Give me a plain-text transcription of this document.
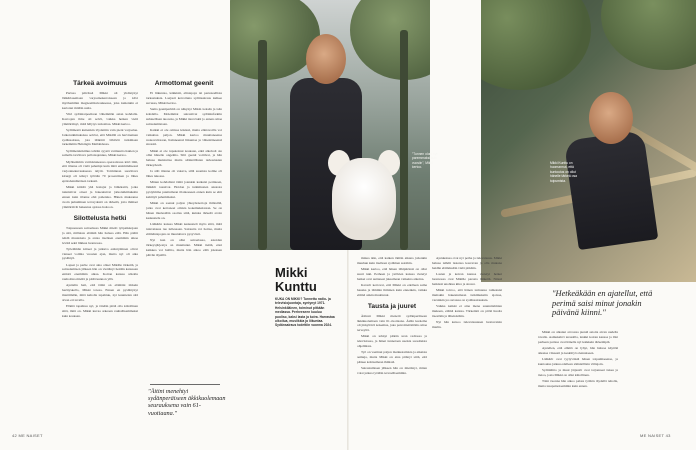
Tärkeä avoimuus

Parissa päivässä Mikki oli yhdistynyt lääkäriasemaan varjoainekerrokseen ja kävi myöhemmin magneettikuvauksessa, joka kuitenkin ei kertonut mitään uutta.

Viiri sydäntarpeeltaan vähemmän asian kohdalla. Kasvojen ilme oli selvä, vaikka hetken vielä ymmärtänyt, mitä hälytys tarkoittaa. Mikki kertoo.

Sydämestä kuitenkin löydettiin vain pieni varjoalue. Jatkotutkimuksissa selvisi, että Mikillä on harvinainen sydänsairaus, jota lääkärit lähtivät tutkimaan tarkemmin Helsingin Meilahdessa.

Sydämentutkimus tehtiin syystä varmuutta hakien ja samalla tarvittava pallolaajennus, Mikki kertoo.

Myöhemmin varmistuneessa operaatiossa kävi ilmi, että tilanne oli vielä pahempi kuin mitä ensimmäisessä varjoainekuvauksessa näytti. Toiminnan suorittava kirurgi oli tehnyt työtään 70 prosenttisen ja lähes epätodennäköisen tarkasti.

Mikki kiittää yhä hoitajat ja lääkäreitä, jotka tunnistivat oireet ja hakeutuivat jatkotutkimuksiin ennen kuin tilanne ehti pahentua. Hänen mukaansa avoin puhuminen terveydestä on tärkeää, jotta ihmiset ymmärtävät hakeutua ajoissa hoitoon.

Silottelusta hetki

Toipuessaan sairaalassa Mikki mietti työpaikkojaan ja sitä, millaista elämää hän haluaa elää. Hän päätti tehdä muutoksia ja antaa itselleen enemmän aikaa levätä sekä liikkua luonnossa.

Työelämän kiireet ja jatkuva esiintyminen olivat vieneet voimia vuosien ajan, mutta nyt oli aika pysähtyä.

Lapset ja perhe ovat aina olleet Mikille tärkeitä, ja sairastumisen jälkeen hän on viettänyt heidän kanssaan entistä enemmän aikaa. Koiran kanssa ulkoilu rauhoittaa mieltä ja pitää kunnon yllä.

Ajattelin heti, että tämä on elämäni tärkein herätyskello, Mikki toteaa. Ennen en pysähtynyt miettimään, mitä keholle tapahtuu, nyt kuuntelen sitä aivan eri tavalla.

Elämä tapahtuu nyt, ja tänään pitää olla kiitollinen siitä, mitä on. Mikki kuvaa arkeaan rauhallisemmaksi kuin koskaan.

Armottomat geenit

Ei liikuntaa, leikkisiä, elintapoja tai perusteellisia tarkastuksia. Laajasti kerrottuna sydänsairaus kulkee suvussa, Mikki kertoo.

Sama geeniperimä on näkynyt Mikin isoisän ja isän kohdalla. Molemmat sairastivat sydäninfarktin suhteellisen nuorena, ja Mikki tiesi riskit jo ennen omaa sairastumistaan.

Kaikki ei ole omissa käsissä, mutta elintavoilla voi vaikuttaa paljon. Mikki kertoo muuttaneensa ruokavaliotaan, lisänneensä liikuntaa ja vähentäneensä stressiä.

Mikki ei ole tupakoinut koskaan, eikä alkoholi ole ollut hänelle ongelma. Silti geenit voittivat, ja hän haluaa muistuttaa muita säännöllisten tarkastusten tärkeydestä.

Ja silti tilanne oli vakava, sillä suonista kolme oli lähes tukossa.

Minun kohdallani tämä jotenkin katkaisi perinteen, lääkärit totesivat. Hoidon ja tutkimusten ansiosta pystyimme puuttumaan tilanteeseen ennen kuin se ehti kehittyä pahemmaksi.

Mikki on saanut paljon yhteydenottoja ihmisiltä, jotka ovat kertoneet omista kokemuksistaan. Se on hänen mielestään osoitus siitä, kuinka tärkeää avoin keskustelu on.

Lääkärin kanssa Mikki keskusteli myös siitä, mitä tulevaisuus tuo tullessaan. Sairautta voi hoitaa, mutta elämäntapojen on muututtava pysyvästi.

Nyt kun on ollut sairaalassa, asioiden tärkeysjärjestys on muuttunut. Mikki tietää, ettei kaikkea voi hallita, mutta hän aikoo elää jokaisen päivän täysillä.

"Äitini menehtyi sydänperäiseen äkkikuolemaan seurauksena vain 61-vuotiaana."
"Tunnen oloni nyt paremmaksi kuin vuosiin", Mikki kertoo.
Mikki Kunttu
KUKA ON MIKKI? Tunnettu radio- ja televisiojuontaja, syntynyt 1971. Helsinkiläinen, toiminut pitkään mediassa. Perheeseen kuuluu puoliso, kaksi lasta ja koira. Harrastaa ulkoilua, musiikkia ja liikuntaa. Sydänsairaus todettiin vuonna 2024.
Mikki Kunttu on huomannut, että kuntoutus on ollut hänelle tärkeä osa toipumista.

minua niin, että kaiken tämän aikana johonkin muuhun kuin itselleen sydämen asioihin.

Mikki kertoo, että hänen lähipiirinsä on ollut suuri tuki. Perheen ja ystävien kanssa vietetyt hetket ovat auttaneet jaksamaan vaikeina aikoina.

Kaverit kertovat, että Mikki on edelleen sama hauska ja lämmin ihminen kuin ennenkin, vaikka elämä onkin muuttunut.

Tausta ja juuret

Äitinsä Mikki menetti sydänperäiseen äkkikuolemaan vain 61-vuotiaana. Äidin kuolema oli järkyttävä kokemus, joka pani miettimään omaa terveyttä.

Mikki on tehnyt pitkän uran radiossa ja televisiossa, ja hänet tunnetaan useista suosituista ohjelmista.

Työ on vaatinut paljon matkustamista ja aikaisia aamuja, mutta Mikki on aina pitänyt siitä, että pääsee kohtaamaan ihmisiä.

Sairastumisen jälkeen hän on miettinyt, miten voisi jatkaa työtään terveellisemmin.

Ajatuksissa ovat nyt perhe ja tulevaisuus. Mikki haluaa nähdä lastensa kasvavan ja olla mukana heidän elämässään vielä pitkään.

Lasten ja koiran kanssa vietetyt hetket luonnossa ovat Mikille parasta lääkettä. Niissä hetkissä unohtuu kiire ja stressi.

Mikki toivoo, että hänen tarinansa rohkaisisi muitakin hakeutumaan tutkimuksiin ajoissa, varsinkin jos suvussa on sydänsairauksia.

Vaikka kaikki ei aina mene suunnitelmien mukaan, elämä kantaa. Tärkeintä on pitää huolta itsestään ja läheisistään.

Nyt hän katsoo tulevaisuuteen luottavaisin mielin.

"Hetkeäkään en ajatellut, että perimä saisi minut jonakin päivänä kiinni."

Mikki on alkanut arvostaa pieniä asioita aivan uudella tavalla. Aamukahvi terassilla, lenkki koiran kanssa ja illat perheen parissa ovat hänelle nyt kaikkein tärkeimpiä.

Ajatellen, että elämä on lyhyt, hän haluaa käyttää aikansa viisaasti ja keskittyä olennaiseen.

Lääkärit ovat tyytyväisiä hänen toipumiseensa, ja kuntoutus jatkuu edelleen säännöllisin väliajoin.

Sydänliitto ja muut järjestöt ovat tarjonneet tukea ja tietoa, josta Mikki on ollut kiitollinen.

Tänä vuonna hän aikoo palata työhön täydellä teholla, mutta tasapainoisemmin kuin ennen.

42 ME NAISET	ME NAISET 43
